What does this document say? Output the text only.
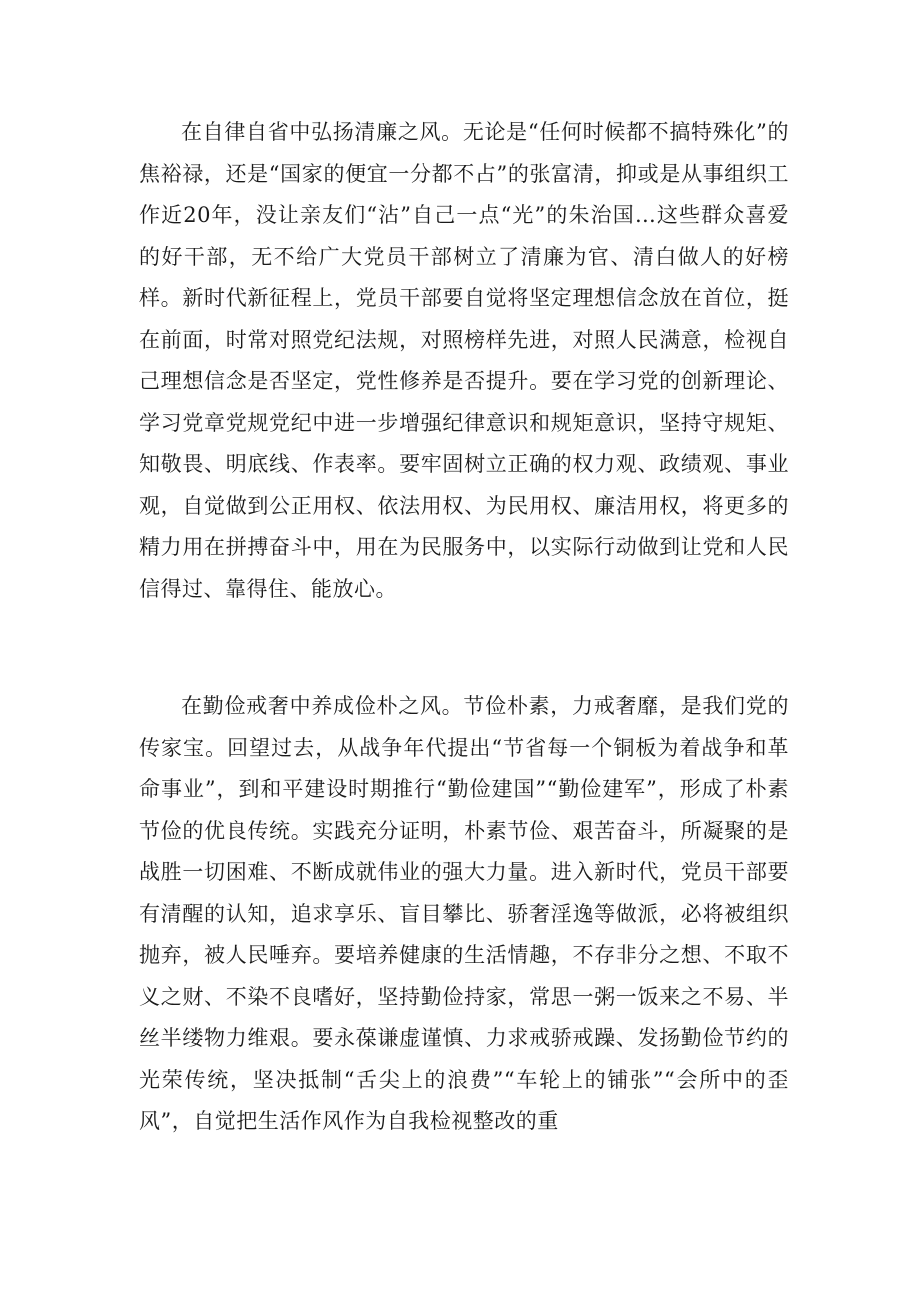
在自律自省中弘扬清廉之风。无论是“任何时候都不搞特殊化”的焦裕禄，还是“国家的便宜一分都不占”的张富清，抑或是从事组织工作近20年，没让亲友们“沾”自己一点“光”的朱治国…这些群众喜爱的好干部，无不给广大党员干部树立了清廉为官、清白做人的好榜样。新时代新征程上，党员干部要自觉将坚定理想信念放在首位，挺在前面，时常对照党纪法规，对照榜样先进，对照人民满意，检视自己理想信念是否坚定，党性修养是否提升。要在学习党的创新理论、学习党章党规党纪中进一步增强纪律意识和规矩意识，坚持守规矩、知敬畏、明底线、作表率。要牢固树立正确的权力观、政绩观、事业观，自觉做到公正用权、依法用权、为民用权、廉洁用权，将更多的精力用在拼搏奋斗中，用在为民服务中，以实际行动做到让党和人民信得过、靠得住、能放心。

在勤俭戒奢中养成俭朴之风。节俭朴素，力戒奢靡，是我们党的传家宝。回望过去，从战争年代提出“节省每一个铜板为着战争和革命事业”，到和平建设时期推行“勤俭建国”“勤俭建军”，形成了朴素节俭的优良传统。实践充分证明，朴素节俭、艰苦奋斗，所凝聚的是战胜一切困难、不断成就伟业的强大力量。进入新时代，党员干部要有清醒的认知，追求享乐、盲目攀比、骄奢淫逸等做派，必将被组织抛弃，被人民唾弃。要培养健康的生活情趣，不存非分之想、不取不义之财、不染不良嗜好，坚持勤俭持家，常思一粥一饭来之不易、半丝半缕物力维艰。要永葆谦虚谨慎、力求戒骄戒躁、发扬勤俭节约的光荣传统，坚决抵制“舌尖上的浪费”“车轮上的铺张”“会所中的歪风”，自觉把生活作风作为自我检视整改的重
